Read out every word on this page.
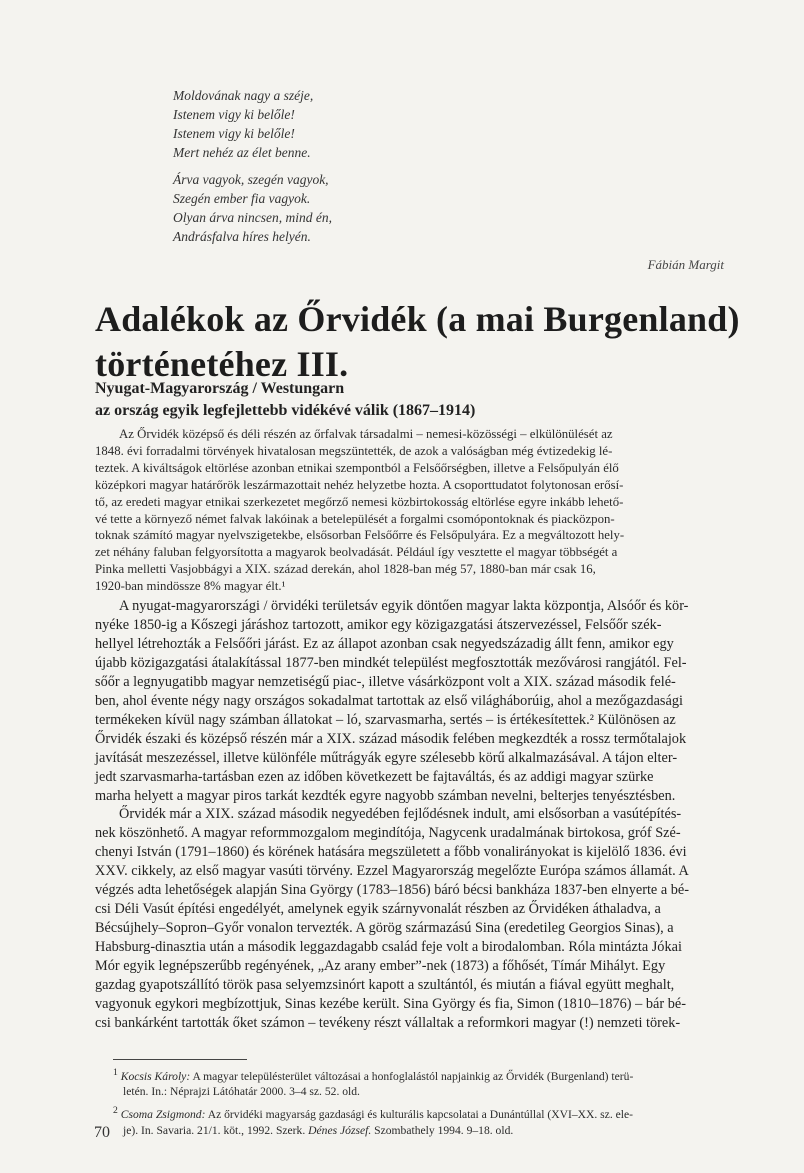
Moldovának nagy a széje,
Istenem vigy ki belőle!
Istenem vigy ki belőle!
Mert nehéz az élet benne.
Árva vagyok, szegén vagyok,
Szegén ember fia vagyok.
Olyan árva nincsen, mind én,
Andrásfalva híres helyén.
Fábián Margit
Adalékok az Őrvidék (a mai Burgenland)
történetéhez III.
Nyugat-Magyarország / Westungarn
az ország egyik legfejlettebb vidékévé válik (1867–1914)
Az Őrvidék középső és déli részén az őrfalvak társadalmi – nemesi-közösségi – elkülönülését az
1848. évi forradalmi törvények hivatalosan megszüntették, de azok a valóságban még évtizedekig lé-
teztek. A kiváltságok eltörlése azonban etnikai szempontból a Felsőőrségben, illetve a Felsőpulyán élő
középkori magyar határőrök leszármazottait nehéz helyzetbe hozta. A csoporttudatot folytonosan erősí-
tő, az eredeti magyar etnikai szerkezetet megőrző nemesi közbirtokosság eltörlése egyre inkább lehető-
vé tette a környező német falvak lakóinak a betelepülését a forgalmi csomópontoknak és piacközpon-
toknak számító magyar nyelvszigetekbe, elsősorban Felsőőrre és Felsőpulyára. Ez a megváltozott hely-
zet néhány faluban felgyorsította a magyarok beolvadását. Például így vesztette el magyar többségét a
Pinka melletti Vasjobbágyi a XIX. század derekán, ahol 1828-ban még 57, 1880-ban már csak 16,
1920-ban mindössze 8% magyar élt.¹
A nyugat-magyarországi / örvidéki területsáv egyik döntően magyar lakta központja, Alsóőr és kör-
nyéke 1850-ig a Kőszegi járáshoz tartozott, amikor egy közigazgatási átszervezéssel, Felsőőr szék-
hellyel létrehozták a Felsőőri járást. Ez az állapot azonban csak negyedszázadig állt fenn, amikor egy
újabb közigazgatási átalakítással 1877-ben mindkét települést megfosztották mezővárosi rangjától. Fel-
sőőr a legnyugatibb magyar nemzetiségű piac-, illetve vásárközpont volt a XIX. század második felé-
ben, ahol évente négy nagy országos sokadalmat tartottak az első világháborúig, ahol a mezőgazdasági
termékeken kívül nagy számban állatokat – ló, szarvasmarha, sertés – is értékesítettek.² Különösen az
Őrvidék északi és középső részén már a XIX. század második felében megkezdték a rossz termőtalajok
javítását meszezéssel, illetve különféle műtrágyák egyre szélesebb körű alkalmazásával. A tájon elter-
jedt szarvasmarha-tartásban ezen az időben következett be fajtaváltás, és az addigi magyar szürke
marha helyett a magyar piros tarkát kezdték egyre nagyobb számban nevelni, belterjes tenyésztésben.
Őrvidék már a XIX. század második negyedében fejlődésnek indult, ami elsősorban a vasútépítés-
nek köszönhető. A magyar reformmozgalom megindítója, Nagycenk uradalmának birtokosa, gróf Szé-
chenyi István (1791–1860) és körének hatására megszületett a főbb vonalirányokat is kijelölő 1836. évi
XXV. cikkely, az első magyar vasúti törvény. Ezzel Magyarország megelőzte Európa számos államát. A
végzés adta lehetőségek alapján Sina György (1783–1856) báró bécsi bankháza 1837-ben elnyerte a bé-
csi Déli Vasút építési engedélyét, amelynek egyik szárnyvonalát részben az Őrvidéken áthaladva, a
Bécsújhely–Sopron–Győr vonalon tervezték. A görög származású Sina (eredetileg Georgios Sinas), a
Habsburg-dinasztia után a második leggazdagabb család feje volt a birodalomban. Róla mintázta Jókai
Mór egyik legnépszerűbb regényének, „Az arany ember”-nek (1873) a főhősét, Tímár Mihályt. Egy
gazdag gyapotszállító török pasa selyemzsinórt kapott a szultántól, és miután a fiával együtt meghalt,
vagyonuk egykori megbízottjuk, Sinas kezébe került. Sina György és fia, Simon (1810–1876) – bár bé-
csi bankárként tartották őket számon – tevékeny részt vállaltak a reformkori magyar (!) nemzeti törek-
$^1$ Kocsis Károly: A magyar településterület változásai a honfoglalástól napjainkig az Őrvidék (Burgenland) terü-
letén. In.: Néprajzi Látóhatár 2000. 3–4 sz. 52. old.
$^2$ Csoma Zsigmond: Az őrvidéki magyarság gazdasági és kulturális kapcsolatai a Dunántúllal (XVI–XX. sz. ele-
je). In. Savaria. 21/1. köt., 1992. Szerk. Dénes József. Szombathely 1994. 9–18. old.
70
